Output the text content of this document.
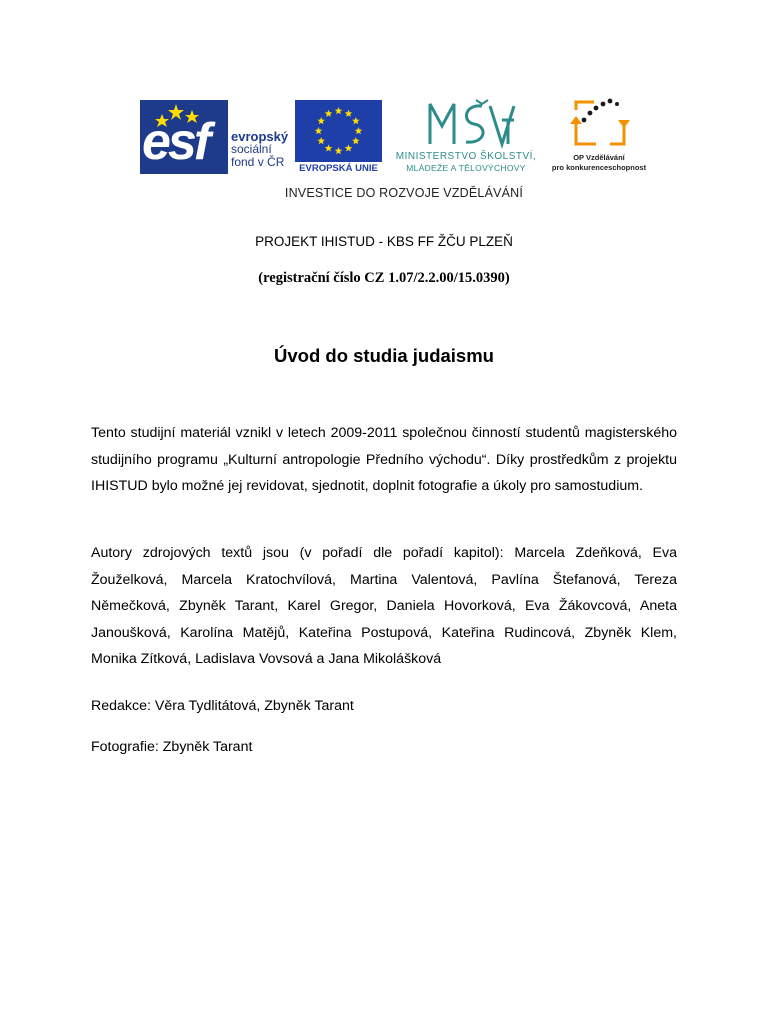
esf evropský
sociální
fond v ČR	EVROPSKÁ UNIE
MINISTERSTVO ŠKOLSTVÍ,
MLÁDEŽE A TĚLOVÝCHOVY
OP Vzdělávání
pro konkurenceschopnost
INVESTICE DO ROZVOJE VZDĚLÁVÁNÍ
PROJEKT IHISTUD - KBS FF ŽČU PLZEŇ
(registrační číslo CZ 1.07/2.2.00/15.0390)
Úvod do studia judaismu
Tento studijní materiál vznikl v letech 2009-2011 společnou činností studentů magisterského studijního programu „Kulturní antropologie Předního východu“. Díky prostředkům z projektu IHISTUD bylo možné jej revidovat, sjednotit, doplnit fotografie a úkoly pro samostudium.
Autory zdrojových textů jsou (v pořadí dle pořadí kapitol): Marcela Zdeňková, Eva Žouželková, Marcela Kratochvílová, Martina Valentová, Pavlína Štefanová, Tereza Němečková, Zbyněk Tarant, Karel Gregor, Daniela Hovorková, Eva Žákovcová, Aneta Janoušková, Karolína Matějů, Kateřina Postupová, Kateřina Rudincová, Zbyněk Klem, Monika Zítková, Ladislava Vovsová a Jana Mikolášková
Redakce: Věra Tydlitátová, Zbyněk Tarant
Fotografie: Zbyněk Tarant
